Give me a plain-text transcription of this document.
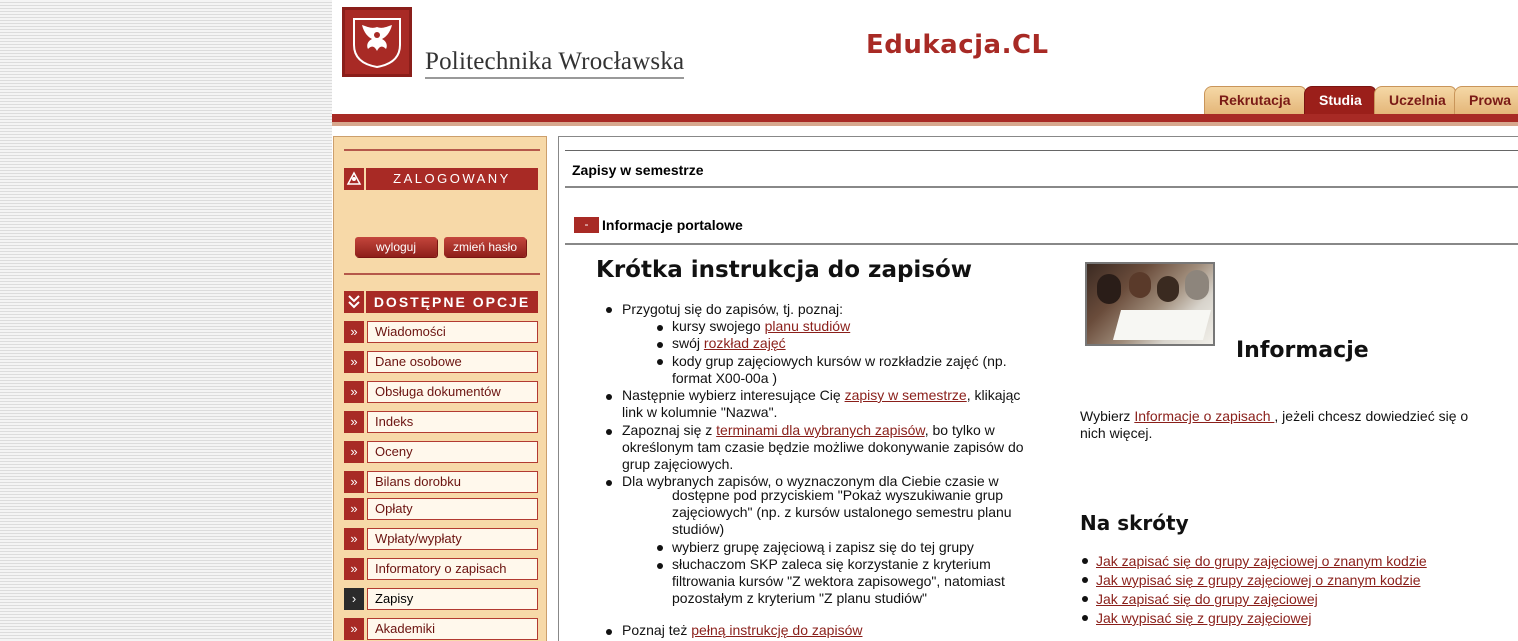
Politechnika Wrocławska
Edukacja.CL
Rekrutacja	Studia	Uczelnia	Prowa
ZALOGOWANY
wyloguj	zmień hasło
DOSTĘPNE OPCJE
»	Wiadomości
»	Dane osobowe
»	Obsługa dokumentów
»	Indeks
»	Oceny
»	Bilans dorobku
»	Opłaty
»	Wpłaty/wypłaty
»	Informatory o zapisach
›	Zapisy
»	Akademiki
Zapisy w semestrze
- Informacje portalowe
Krótka instrukcja do zapisów
Przygotuj się do zapisów, tj. poznaj:
kursy swojego planu studiów
swój rozkład zajęć
kody grup zajęciowych kursów w rozkładzie zajęć (np.
format X00-00a )
Następnie wybierz interesujące Cię zapisy w semestrze, klikając
link w kolumnie "Nazwa".
Zapoznaj się z terminami dla wybranych zapisów, bo tylko w
określonym tam czasie będzie możliwe dokonywanie zapisów do
grup zajęciowych.
Dla wybranych zapisów, o wyznaczonym dla Ciebie czasie w
dostępne pod przyciskiem "Pokaż wyszukiwanie grup
zajęciowych" (np. z kursów ustalonego semestru planu
studiów)
wybierz grupę zajęciową i zapisz się do tej grupy
słuchaczom SKP zaleca się korzystanie z kryterium
filtrowania kursów "Z wektora zapisowego", natomiast
pozostałym z kryterium "Z planu studiów"
Poznaj też pełną instrukcję do zapisów
Informacje
Wybierz Informacje o zapisach , jeżeli chcesz dowiedzieć się o
nich więcej.
Na skróty
Jak zapisać się do grupy zajęciowej o znanym kodzie
Jak wypisać się z grupy zajęciowej o znanym kodzie
Jak zapisać się do grupy zajęciowej
Jak wypisać się z grupy zajęciowej
